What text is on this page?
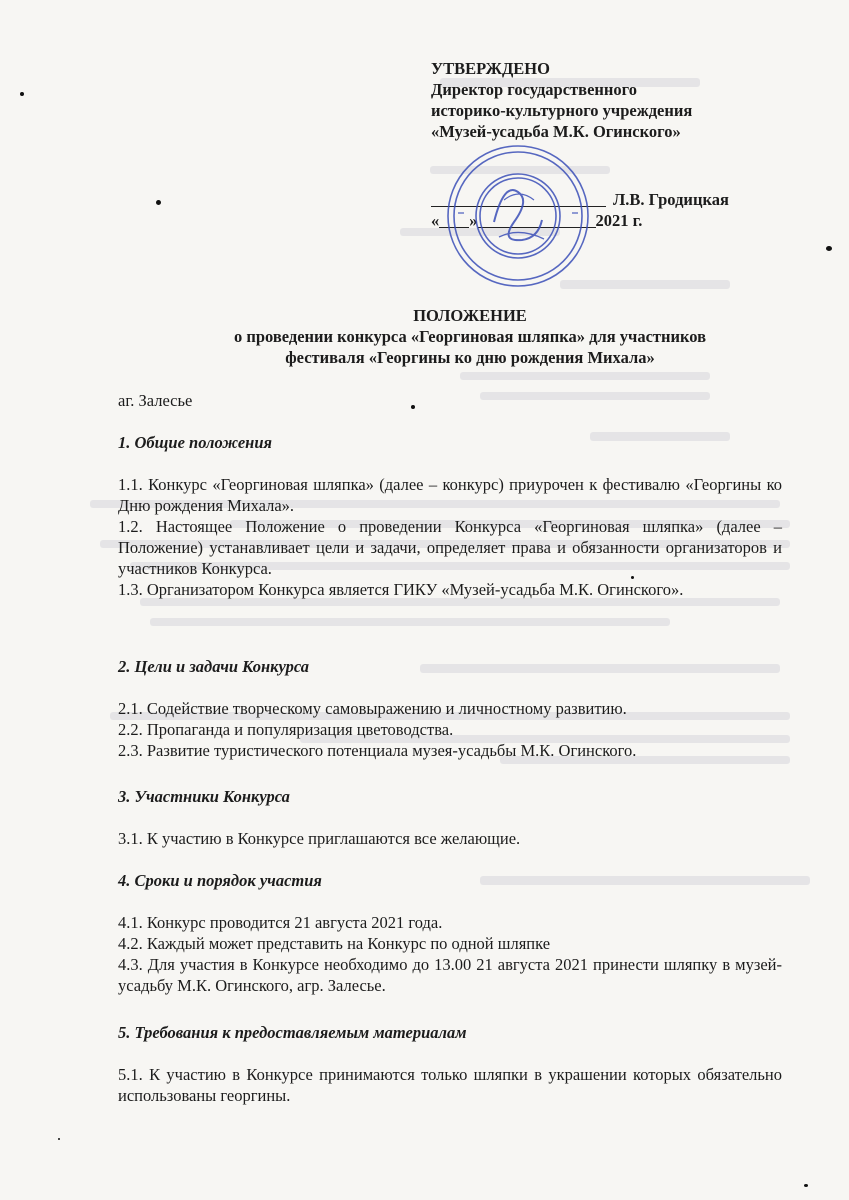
УТВЕРЖДЕНО
Директор государственного
историко-культурного учреждения
«Музей-усадьба М.К. Огинского»
Л.В. Гродицкая
« »	2021 г.
ПОЛОЖЕНИЕ
о проведении конкурса «Георгиновая шляпка» для участников
фестиваля «Георгины ко дню рождения Михала»
аг. Залесье
1. Общие положения

1.1. Конкурс «Георгиновая шляпка» (далее – конкурс) приурочен к фестивалю «Георгины ко Дню рождения Михала».

1.2. Настоящее Положение о проведении Конкурса «Георгиновая шляпка» (далее – Положение) устанавливает цели и задачи, определяет права и обязанности организаторов и участников Конкурса.

1.3. Организатором Конкурса является ГИКУ «Музей-усадьба М.К. Огинского».

2. Цели и задачи Конкурса

2.1. Содействие творческому самовыражению и личностному развитию.

2.2. Пропаганда и популяризация цветоводства.

2.3. Развитие туристического потенциала музея-усадьбы М.К. Огинского.

3. Участники Конкурса

3.1. К участию в Конкурсе приглашаются все желающие.

4. Сроки и порядок участия

4.1. Конкурс проводится 21 августа 2021 года.

4.2. Каждый может представить на Конкурс по одной шляпке

4.3. Для участия в Конкурсе необходимо до 13.00 21 августа 2021 принести шляпку в музей-усадьбу М.К. Огинского, агр. Залесье.

5. Требования к предоставляемым материалам

5.1. К участию в Конкурсе принимаются только шляпки в украшении которых обязательно использованы георгины.
